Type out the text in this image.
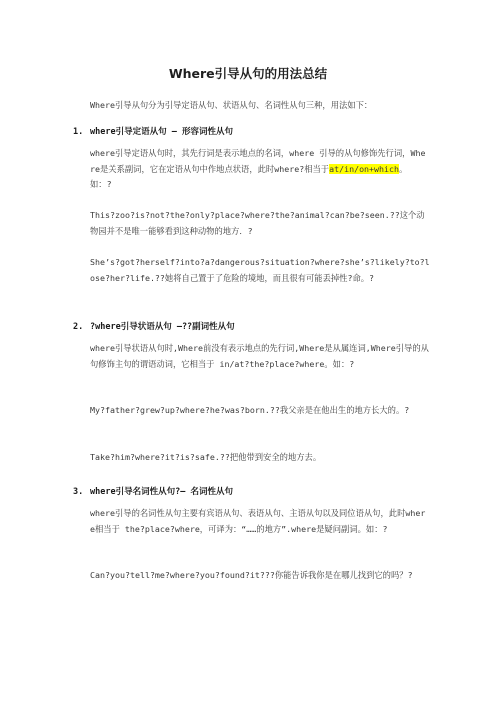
Where引导从句的用法总结
Where引导从句分为引导定语从句、状语从句、名词性从句三种，用法如下：
1. where引导定语从句 — 形容词性从句
where引导定语从句时，其先行词是表示地点的名词，where 引导的从句修饰先行词，Where是关系副词，它在定语从句中作地点状语，此时where?相当于at/in/on+which。 如：?
This?zoo?is?not?the?only?place?where?the?animal?can?be?seen.??这个动物园并不是唯一能够看到这种动物的地方．?
She’s?got?herself?into?a?dangerous?situation?where?she’s?likely?to?lose?her?life.??她将自己置于了危险的境地，而且很有可能丢掉性?命。?
2. ?where引导状语从句 —??副词性从句
where引导状语从句时,Where前没有表示地点的先行词,Where是从属连词,Where引导的从句修饰主句的谓语动词，它相当于 in/at?the?place?where。如：?
My?father?grew?up?where?he?was?born.??我父亲是在他出生的地方长大的。?
Take?him?where?it?is?safe.??把他带到安全的地方去。
3. where引导名词性从句?— 名词性从句
where引导的名词性从句主要有宾语从句、表语从句、主语从句以及同位语从句，此时where相当于 the?place?where，可译为：“……的地方”.where是疑问副词。如：?
Can?you?tell?me?where?you?found?it???你能告诉我你是在哪儿找到它的吗？?
